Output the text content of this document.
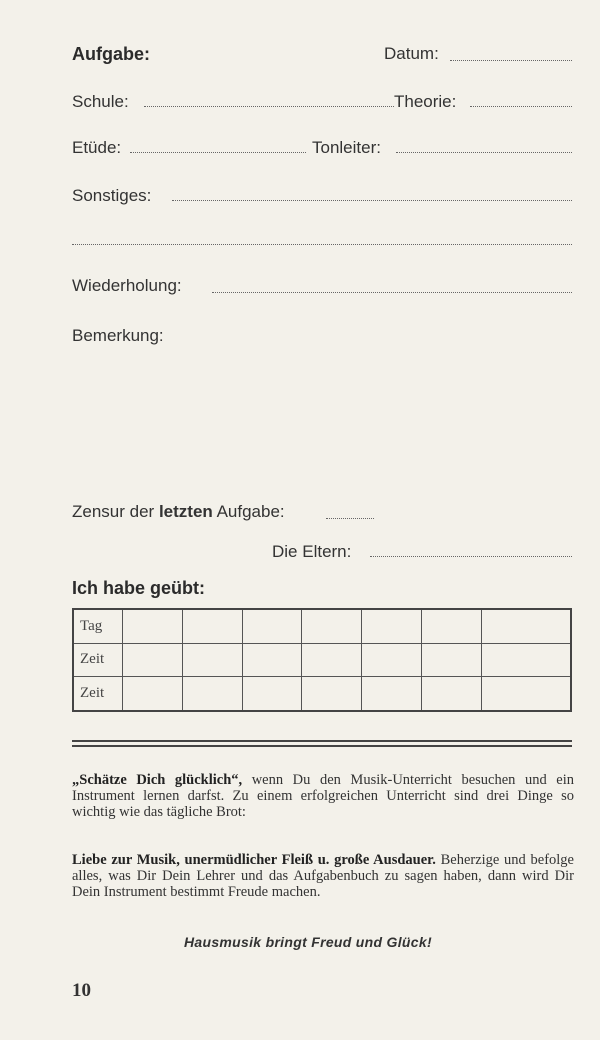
Aufgabe:	Datum:
Schule:	Theorie:
Etüde:	Tonleiter:
Sonstiges:
Wiederholung:
Bemerkung:
Zensur der letzten Aufgabe:
Die Eltern:
Ich habe geübt:
Tag							
Zeit							
Zeit							
„Schätze Dich glücklich“, wenn Du den Musik-Unterricht besuchen und ein Instrument lernen darfst. Zu einem erfolgreichen Unterricht sind drei Dinge so wichtig wie das tägliche Brot:
Liebe zur Musik, unermüdlicher Fleiß u. große Ausdauer. Beherzige und befolge alles, was Dir Dein Lehrer und das Aufgabenbuch zu sagen haben, dann wird Dir Dein Instrument bestimmt Freude machen.
Hausmusik bringt Freud und Glück!
10
